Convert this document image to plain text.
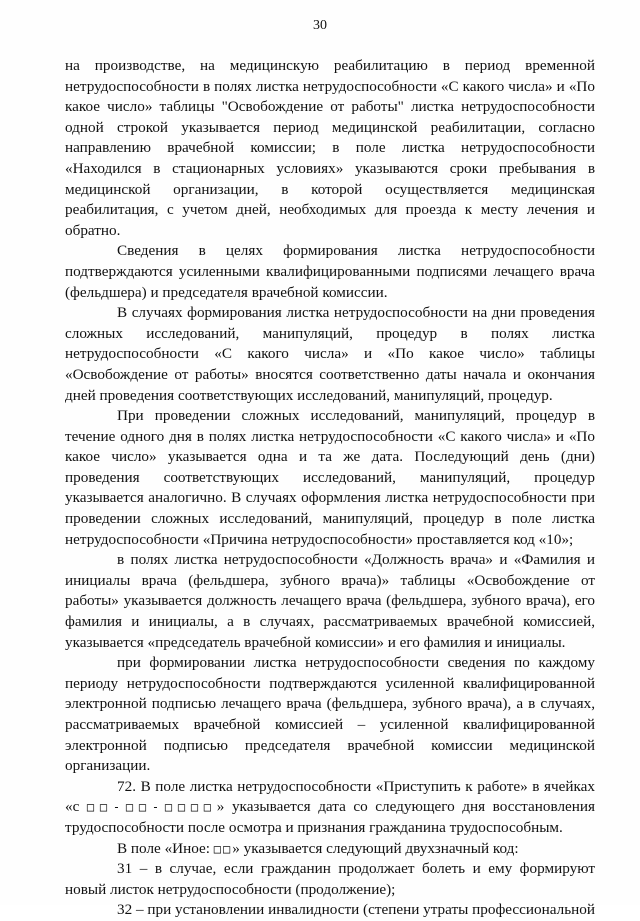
30

на производстве, на медицинскую реабилитацию в период временной нетрудоспособности в полях листка нетрудоспособности «С какого числа» и «По какое число» таблицы "Освобождение от работы" листка нетрудоспособности одной строкой указывается период медицинской реабилитации, согласно направлению врачебной комиссии; в поле листка нетрудоспособности «Находился в стационарных условиях» указываются сроки пребывания в медицинской организации, в которой осуществляется медицинская реабилитация, с учетом дней, необходимых для проезда к месту лечения и обратно.

Сведения в целях формирования листка нетрудоспособности подтверждаются усиленными квалифицированными подписями лечащего врача (фельдшера) и председателя врачебной комиссии.

В случаях формирования листка нетрудоспособности на дни проведения сложных исследований, манипуляций, процедур в полях листка нетрудоспособности «С какого числа» и «По какое число» таблицы «Освобождение от работы» вносятся соответственно даты начала и окончания дней проведения соответствующих исследований, манипуляций, процедур.

При проведении сложных исследований, манипуляций, процедур в течение одного дня в полях листка нетрудоспособности «С какого числа» и «По какое число» указывается одна и та же дата. Последующий день (дни) проведения соответствующих исследований, манипуляций, процедур указывается аналогично. В случаях оформления листка нетрудоспособности при проведении сложных исследований, манипуляций, процедур в поле листка нетрудоспособности «Причина нетрудоспособности» проставляется код «10»;

в полях листка нетрудоспособности «Должность врача» и «Фамилия и инициалы врача (фельдшера, зубного врача)» таблицы «Освобождение от работы» указывается должность лечащего врача (фельдшера, зубного врача), его фамилия и инициалы, а в случаях, рассматриваемых врачебной комиссией, указывается «председатель врачебной комиссии» и его фамилия и инициалы.

при формировании листка нетрудоспособности сведения по каждому периоду нетрудоспособности подтверждаются усиленной квалифицированной электронной подписью лечащего врача (фельдшера, зубного врача), а в случаях, рассматриваемых врачебной комиссией – усиленной квалифицированной электронной подписью председателя врачебной комиссии медицинской организации.

72. В поле листка нетрудоспособности «Приступить к работе» в ячейках «с □□-□□-□□□□» указывается дата со следующего дня восстановления трудоспособности после осмотра и признания гражданина трудоспособным.

В поле «Иное: □□» указывается следующий двухзначный код:

31 – в случае, если гражданин продолжает болеть и ему формируют новый листок нетрудоспособности (продолжение);

32 – при установлении инвалидности (степени утраты профессиональной
